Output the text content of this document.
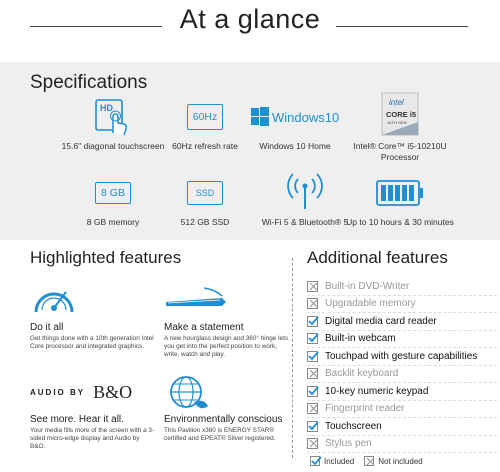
At a glance
Specifications
HD
15.6" diagonal touchscreen
60Hz
60Hz refresh rate
Windows10
Windows 10 Home
intel
CORE i5
10TH GEN
Intel® Core™ i5-10210U Processor
8 GB
8 GB memory
SSD
512 GB SSD	Wi-Fi 5 & Bluetooth® 5
Up to 10 hours & 30 minutes
Highlighted features
Do it all
Get things done with a 10th generation Intel Core processor and integrated graphics.
Make a statement
A new hourglass design and 360° hinge lets you get into the perfect position to work, write, watch and play.
AUDIO BY B&O
See more. Hear it all.
Your media fills more of the screen with a 3-sided micro-edge display and Audio by B&O.
Environmentally conscious
This Pavilion x360 is ENERGY STAR® certified and EPEAT® Silver registered.
Additional features
Built-in DVD-Writer
Upgradable memory
Digital media card reader
Built-in webcam
Touchpad with gesture capabilities
Backlit keyboard
10-key numeric keypad
Fingerprint reader
Touchscreen
Stylus pen
Included	Not included
